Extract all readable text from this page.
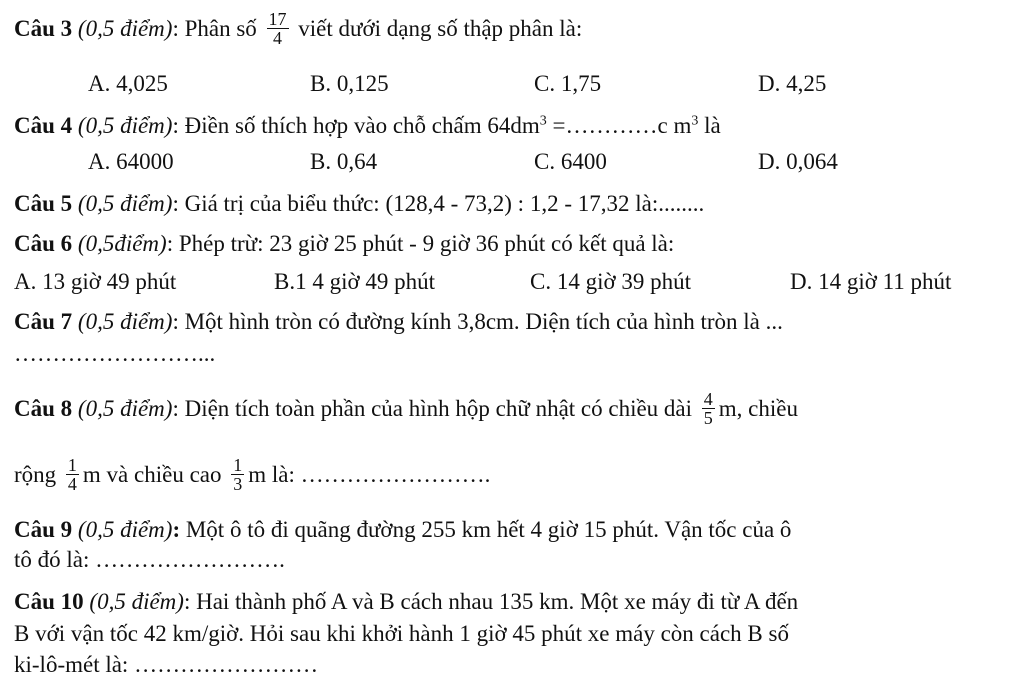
Câu 3 (0,5 điểm): Phân số $\frac{17}{4}$ viết dưới dạng số thập phân là:
A. 4,025	B. 0,125	C. 1,75	D. 4,25
Câu 4 (0,5 điểm): Điền số thích hợp vào chỗ chấm $64dm^3$ =…………c $m^3$ là
A. 64000	B. 0,64	C. 6400	D. 0,064
Câu 5 (0,5 điểm): Giá trị của biểu thức: (128,4 - 73,2) : 1,2 - 17,32 là:........
Câu 6 (0,5điểm): Phép trừ: 23 giờ 25 phút - 9 giờ 36 phút có kết quả là:
A. 13 giờ 49 phút	B.1 4 giờ 49 phút	C. 14 giờ 39 phút	D. 14 giờ 11 phút
Câu 7 (0,5 điểm): Một hình tròn có đường kính 3,8cm. Diện tích của hình tròn là ...
……………………...
Câu 8 (0,5 điểm): Diện tích toàn phần của hình hộp chữ nhật có chiều dài $\frac{4}{5} m$, chiều
rộng $\frac{1}{4}$ m và chiều cao $\frac{1}{3}$ m là: …………………….
Câu 9 (0,5 điểm): Một ô tô đi quãng đường 255 km hết 4 giờ 15 phút. Vận tốc của ô
tô đó là: …………………….
Câu 10 (0,5 điểm): Hai thành phố A và B cách nhau 135 km. Một xe máy đi từ A đến
B với vận tốc 42 km/giờ. Hỏi sau khi khởi hành 1 giờ 45 phút xe máy còn cách B số
ki-lô-mét là: ……………………
